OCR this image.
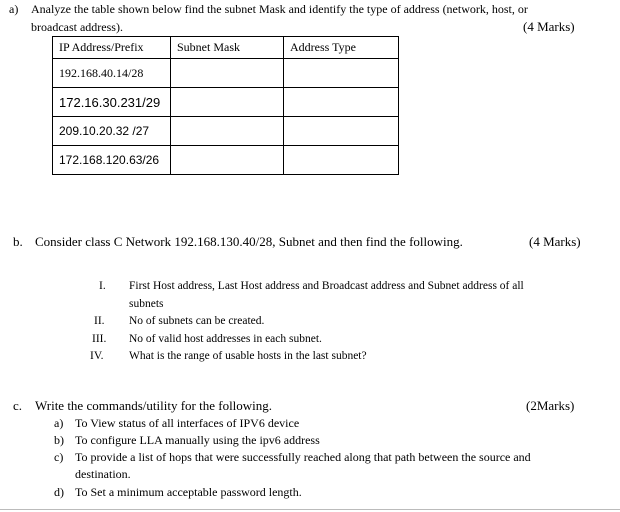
a) Analyze the table shown below find the subnet Mask and identify the type of address (network, host, or
broadcast address).	(4 Marks)
IP Address/Prefix	Subnet Mask	Address Type
192.168.40.14/28		
172.16.30.231/29		
209.10.20.32 /27		
172.168.120.63/26		
b. Consider class C Network 192.168.130.40/28, Subnet and then find the following.	(4 Marks)
I. First Host address, Last Host address and Broadcast address and Subnet address of all
subnets
II. No of subnets can be created.
III. No of valid host addresses in each subnet.
IV. What is the range of usable hosts in the last subnet?
c. Write the commands/utility for the following.	(2Marks)
a) To View status of all interfaces of IPV6 device
b) To configure LLA manually using the ipv6 address
c) To provide a list of hops that were successfully reached along that path between the source and
destination.
d) To Set a minimum acceptable password length.
